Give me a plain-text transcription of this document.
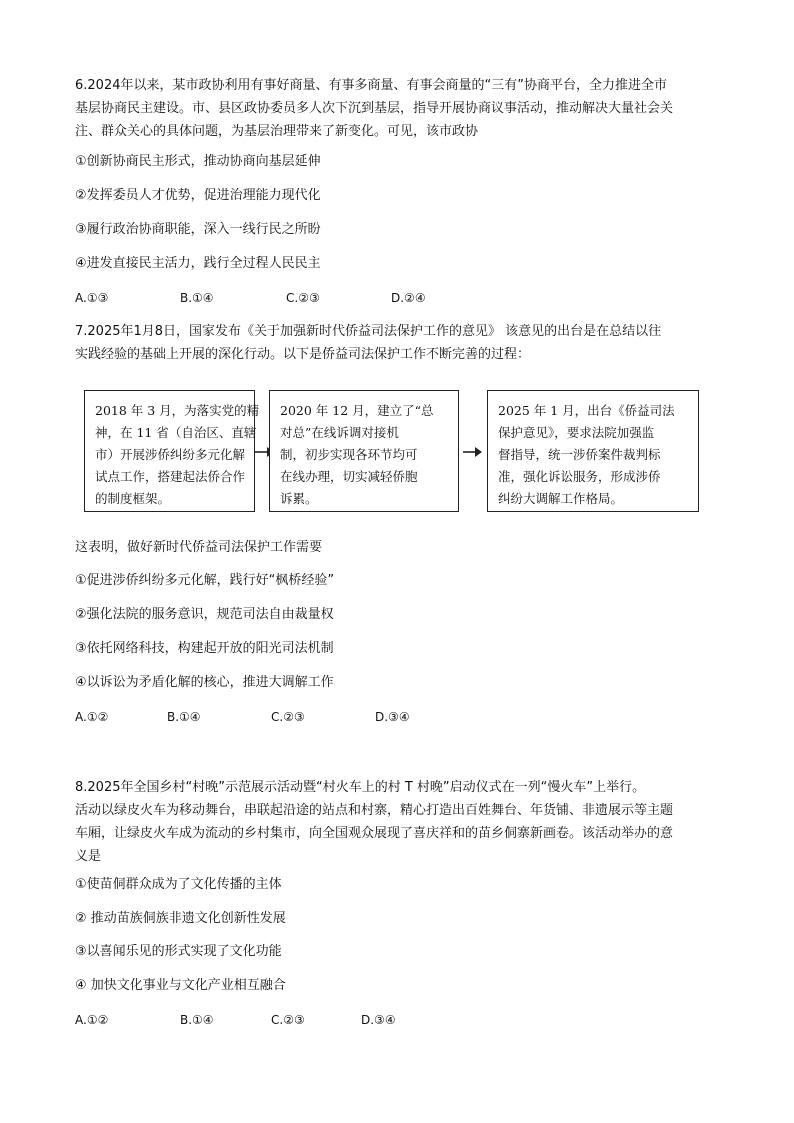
6.2024年以来，某市政协利用有事好商量、有事多商量、有事会商量的“三有”协商平台，全力推进全市
基层协商民主建设。市、县区政协委员多人次下沉到基层，指导开展协商议事活动，推动解决大量社会关
注、群众关心的具体问题，为基层治理带来了新变化。可见，该市政协
①创新协商民主形式，推动协商向基层延伸
②发挥委员人才优势，促进治理能力现代化
③履行政治协商职能，深入一线行民之所盼
④进发直接民主活力，践行全过程人民民主
A.①③	B.①④	C.②③	D.②④
7.2025年1月8日，国家发布《关于加强新时代侨益司法保护工作的意见》 该意见的出台是在总结以往
实践经验的基础上开展的深化行动。以下是侨益司法保护工作不断完善的过程：
2018 年 3 月，为落实党的精
神，在 11 省（自治区、直辖
市）开展涉侨纠纷多元化解
试点工作，搭建起法侨合作
的制度框架。
2020 年 12 月，建立了“总
对总”在线诉调对接机
制，初步实现各环节均可
在线办理，切实减轻侨胞
诉累。
2025 年 1 月，出台《侨益司法
保护意见》，要求法院加强监
督指导，统一涉侨案件裁判标
准，强化诉讼服务，形成涉侨
纠纷大调解工作格局。
这表明，做好新时代侨益司法保护工作需要
①促进涉侨纠纷多元化解，践行好“枫桥经验”
②强化法院的服务意识，规范司法自由裁量权
③依托网络科技，构建起开放的阳光司法机制
④以诉讼为矛盾化解的核心，推进大调解工作
A.①②	B.①④	C.②③	D.③④
8.2025年全国乡村“村晚”示范展示活动暨“村火车上的村 T 村晚”启动仪式在一列“慢火车”上举行。
活动以绿皮火车为移动舞台，串联起沿途的站点和村寨，精心打造出百姓舞台、年货铺、非遗展示等主题
车厢，让绿皮火车成为流动的乡村集市，向全国观众展现了喜庆祥和的苗乡侗寨新画卷。该活动举办的意
义是
①使苗侗群众成为了文化传播的主体
② 推动苗族侗族非遗文化创新性发展
③以喜闻乐见的形式实现了文化功能
④ 加快文化事业与文化产业相互融合
A.①②	B.①④	C.②③	D.③④
